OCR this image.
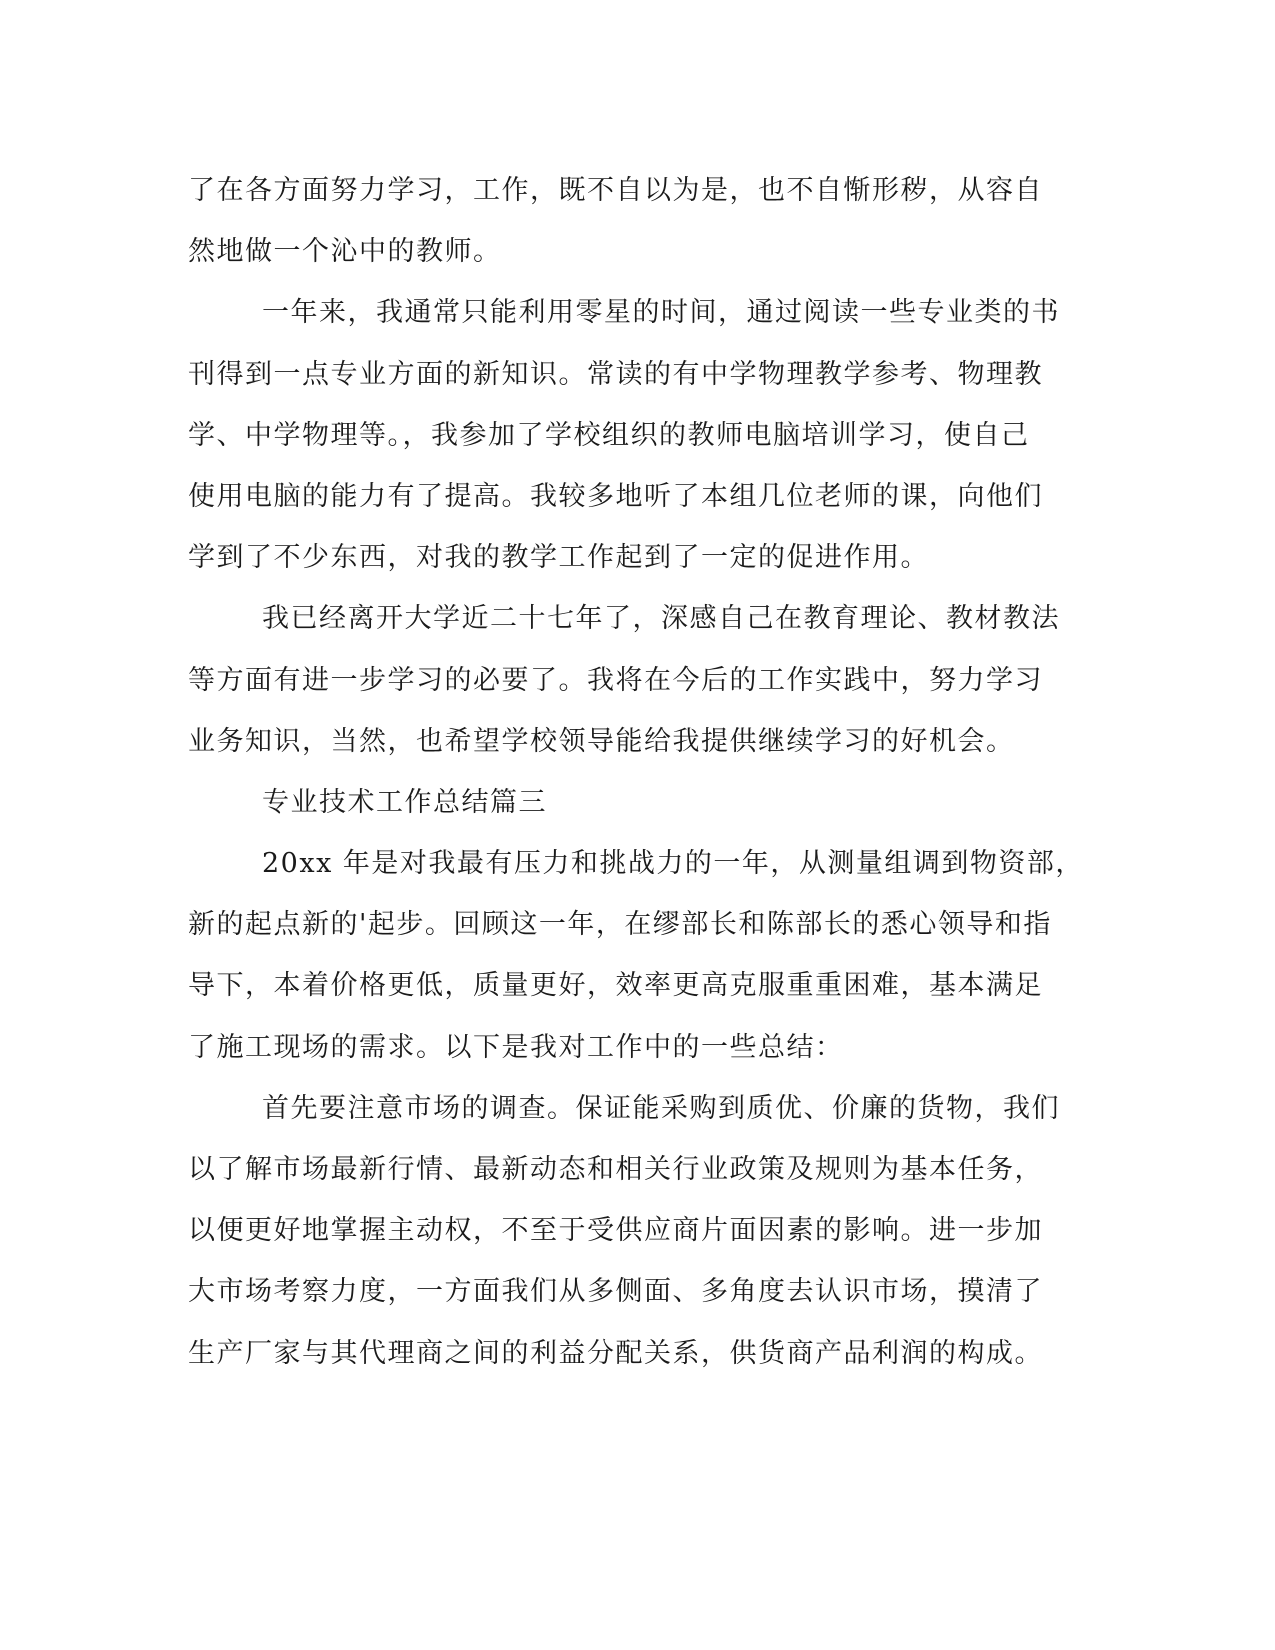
了在各方面努力学习，工作，既不自以为是，也不自惭形秽，从容自
然地做一个沁中的教师。
一年来，我通常只能利用零星的时间，通过阅读一些专业类的书
刊得到一点专业方面的新知识。常读的有中学物理教学参考、物理教
学、中学物理等。，我参加了学校组织的教师电脑培训学习，使自己
使用电脑的能力有了提高。我较多地听了本组几位老师的课，向他们
学到了不少东西，对我的教学工作起到了一定的促进作用。
我已经离开大学近二十七年了，深感自己在教育理论、教材教法
等方面有进一步学习的必要了。我将在今后的工作实践中，努力学习
业务知识，当然，也希望学校领导能给我提供继续学习的好机会。
专业技术工作总结篇三
20xx 年是对我最有压力和挑战力的一年，从测量组调到物资部，
新的起点新的'起步。回顾这一年，在缪部长和陈部长的悉心领导和指
导下，本着价格更低，质量更好，效率更高克服重重困难，基本满足
了施工现场的需求。以下是我对工作中的一些总结：
首先要注意市场的调查。保证能采购到质优、价廉的货物，我们
以了解市场最新行情、最新动态和相关行业政策及规则为基本任务，
以便更好地掌握主动权，不至于受供应商片面因素的影响。进一步加
大市场考察力度，一方面我们从多侧面、多角度去认识市场，摸清了
生产厂家与其代理商之间的利益分配关系，供货商产品利润的构成。
